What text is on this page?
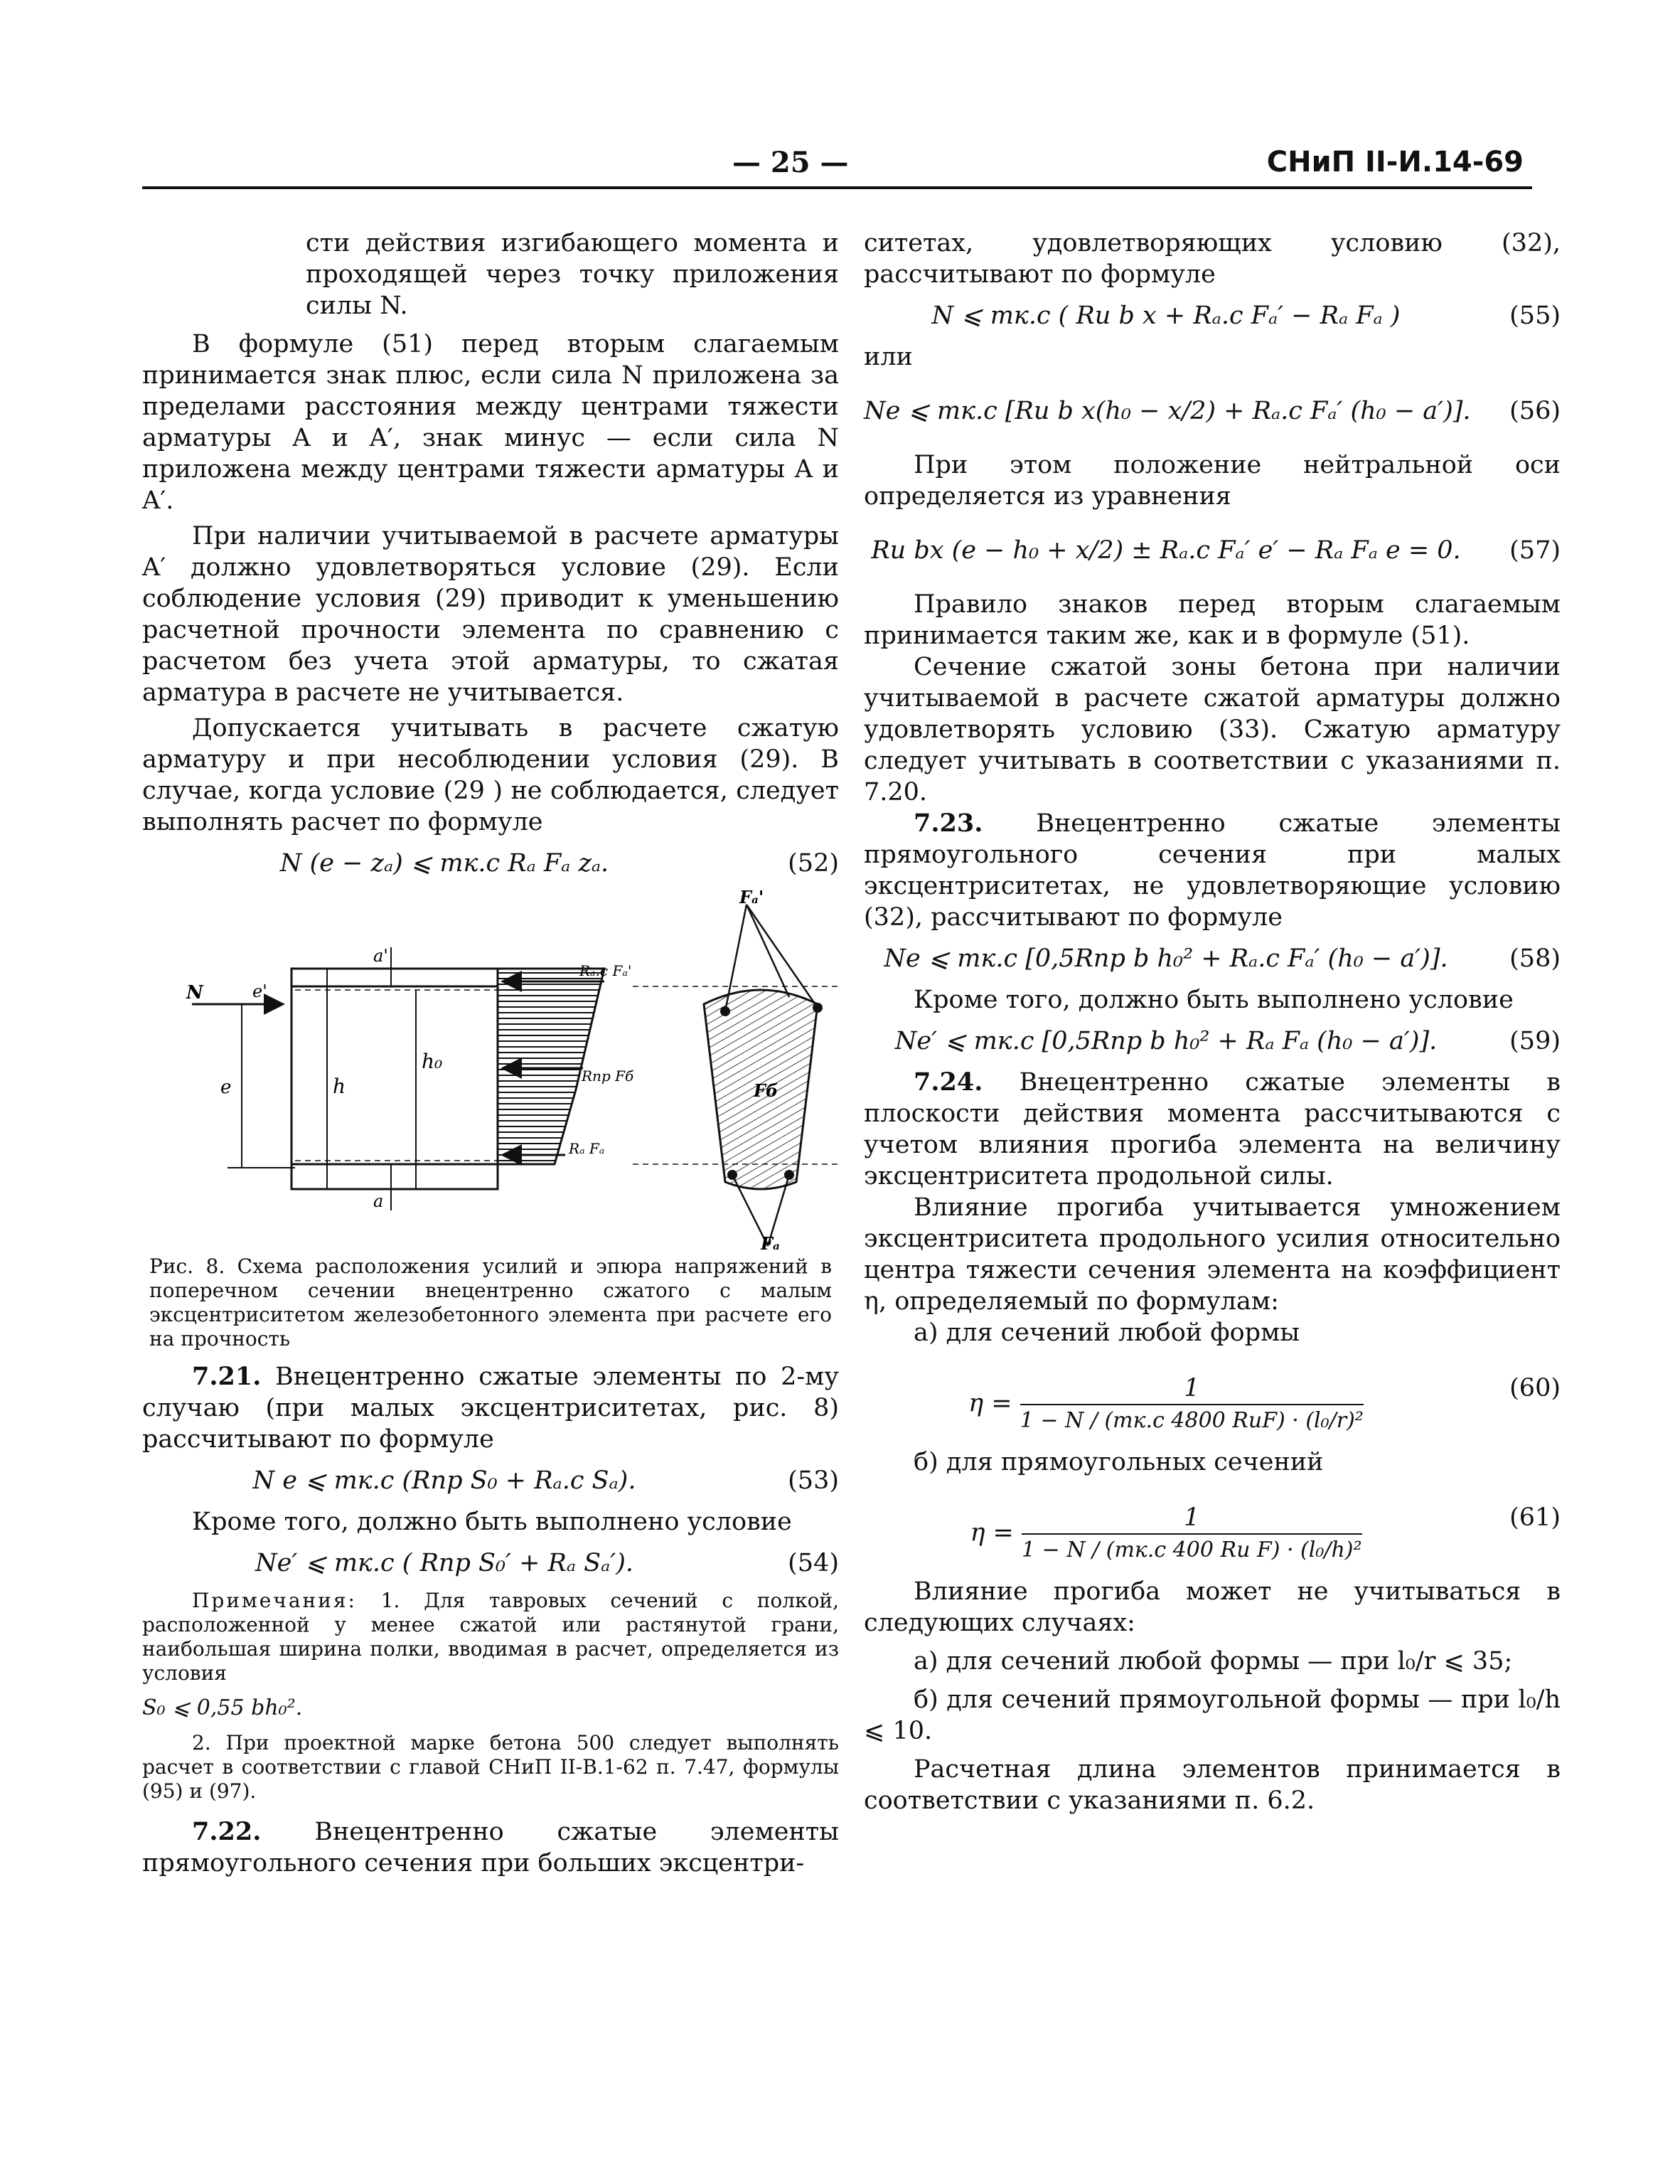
— 25 —	СНиП II-И.14-69

сти действия изгибающего момента и проходящей через точку приложения силы N.

В формуле (51) перед вторым слагаемым принимается знак плюс, если сила N приложена за пределами расстояния между центрами тяжести арматуры A и A′, знак минус — если сила N приложена между центрами тяжести арматуры A и A′.

При наличии учитываемой в расчете арматуры A′ должно удовлетворяться условие (29). Если соблюдение условия (29) приводит к уменьшению расчетной прочности элемента по сравнению с расчетом без учета этой арматуры, то сжатая арматура в расчете не учитывается.

Допускается учитывать в расчете сжатую арматуру и при несоблюдении условия (29). В случае, когда условие (29 ) не соблюдается, следует выполнять расчет по формуле

N (e − zₐ) ⩽ mк.с Rₐ Fₐ zₐ.	(52)
N
e
e'
h
h₀
a'
a
Rₐ.с Fₐ'
Rпр Fб
Rₐ Fₐ
Fₐ'
Fб
Fₐ

Рис. 8. Схема расположения усилий и эпюра напряжений в поперечном сечении внецентренно сжатого с малым эксцентриситетом железобетонного элемента при расчете его на прочность

7.21. Внецентренно сжатые элементы по 2-му случаю (при малых эксцентриситетах, рис. 8) рассчитывают по формуле

N e ⩽ mк.с (Rпр S₀ + Rₐ.с Sₐ).	(53)

Кроме того, должно быть выполнено условие

Ne′ ⩽ mк.с ( Rпр S₀′ + Rₐ Sₐ′).	(54)

Примечания: 1. Для тавровых сечений с полкой, расположенной у менее сжатой или растянутой грани, наибольшая ширина полки, вводимая в расчет, определяется из условия

S₀ ⩽ 0,55 bh₀².

2. При проектной марке бетона 500 следует выполнять расчет в соответствии с главой СНиП II-B.1-62 п. 7.47, формулы (95) и (97).

7.22. Внецентренно сжатые элементы прямоугольного сечения при больших эксцентри-

ситетах, удовлетворяющих условию (32), рассчитывают по формуле

N ⩽ mк.с ( Rи b x + Rₐ.с Fₐ′ − Rₐ Fₐ )	(55)

или

Ne ⩽ mк.с [Rи b x(h₀ − x/2) + Rₐ.с Fₐ′ (h₀ − a′)]. (56)

При этом положение нейтральной оси определяется из уравнения

Rи bx (e − h₀ + x/2) ± Rₐ.с Fₐ′ e′ − Rₐ Fₐ e = 0. (57)

Правило знаков перед вторым слагаемым принимается таким же, как и в формуле (51).

Сечение сжатой зоны бетона при наличии учитываемой в расчете сжатой арматуры должно удовлетворять условию (33). Сжатую арматуру следует учитывать в соответствии с указаниями п. 7.20.

7.23. Внецентренно сжатые элементы прямоугольного сечения при малых эксцентриситетах, не удовлетворяющие условию (32), рассчитывают по формуле

Ne ⩽ mк.с [0,5Rпр b h₀² + Rₐ.с Fₐ′ (h₀ − a′)].	(58)

Кроме того, должно быть выполнено условие

Ne′ ⩽ mк.с [0,5Rпр b h₀² + Rₐ Fₐ (h₀ − a′)].	(59)

7.24. Внецентренно сжатые элементы в плоскости действия момента рассчитываются с учетом влияния прогиба элемента на величину эксцентриситета продольной силы.

Влияние прогиба учитывается умножением эксцентриситета продольного усилия относительно центра тяжести сечения элемента на коэффициент η, определяемый по формулам:

а) для сечений любой формы

η =
1
1 − N / (mк.с 4800 RиF) · (l₀/r)²
(60)

б) для прямоугольных сечений

η =
1
1 − N / (mк.с 400 Rи F) · (l₀/h)²
(61)

Влияние прогиба может не учитываться в следующих случаях:

а) для сечений любой формы — при l₀/r ⩽ 35;

б) для сечений прямоугольной формы — при l₀/h ⩽ 10.

Расчетная длина элементов принимается в соответствии с указаниями п. 6.2.
